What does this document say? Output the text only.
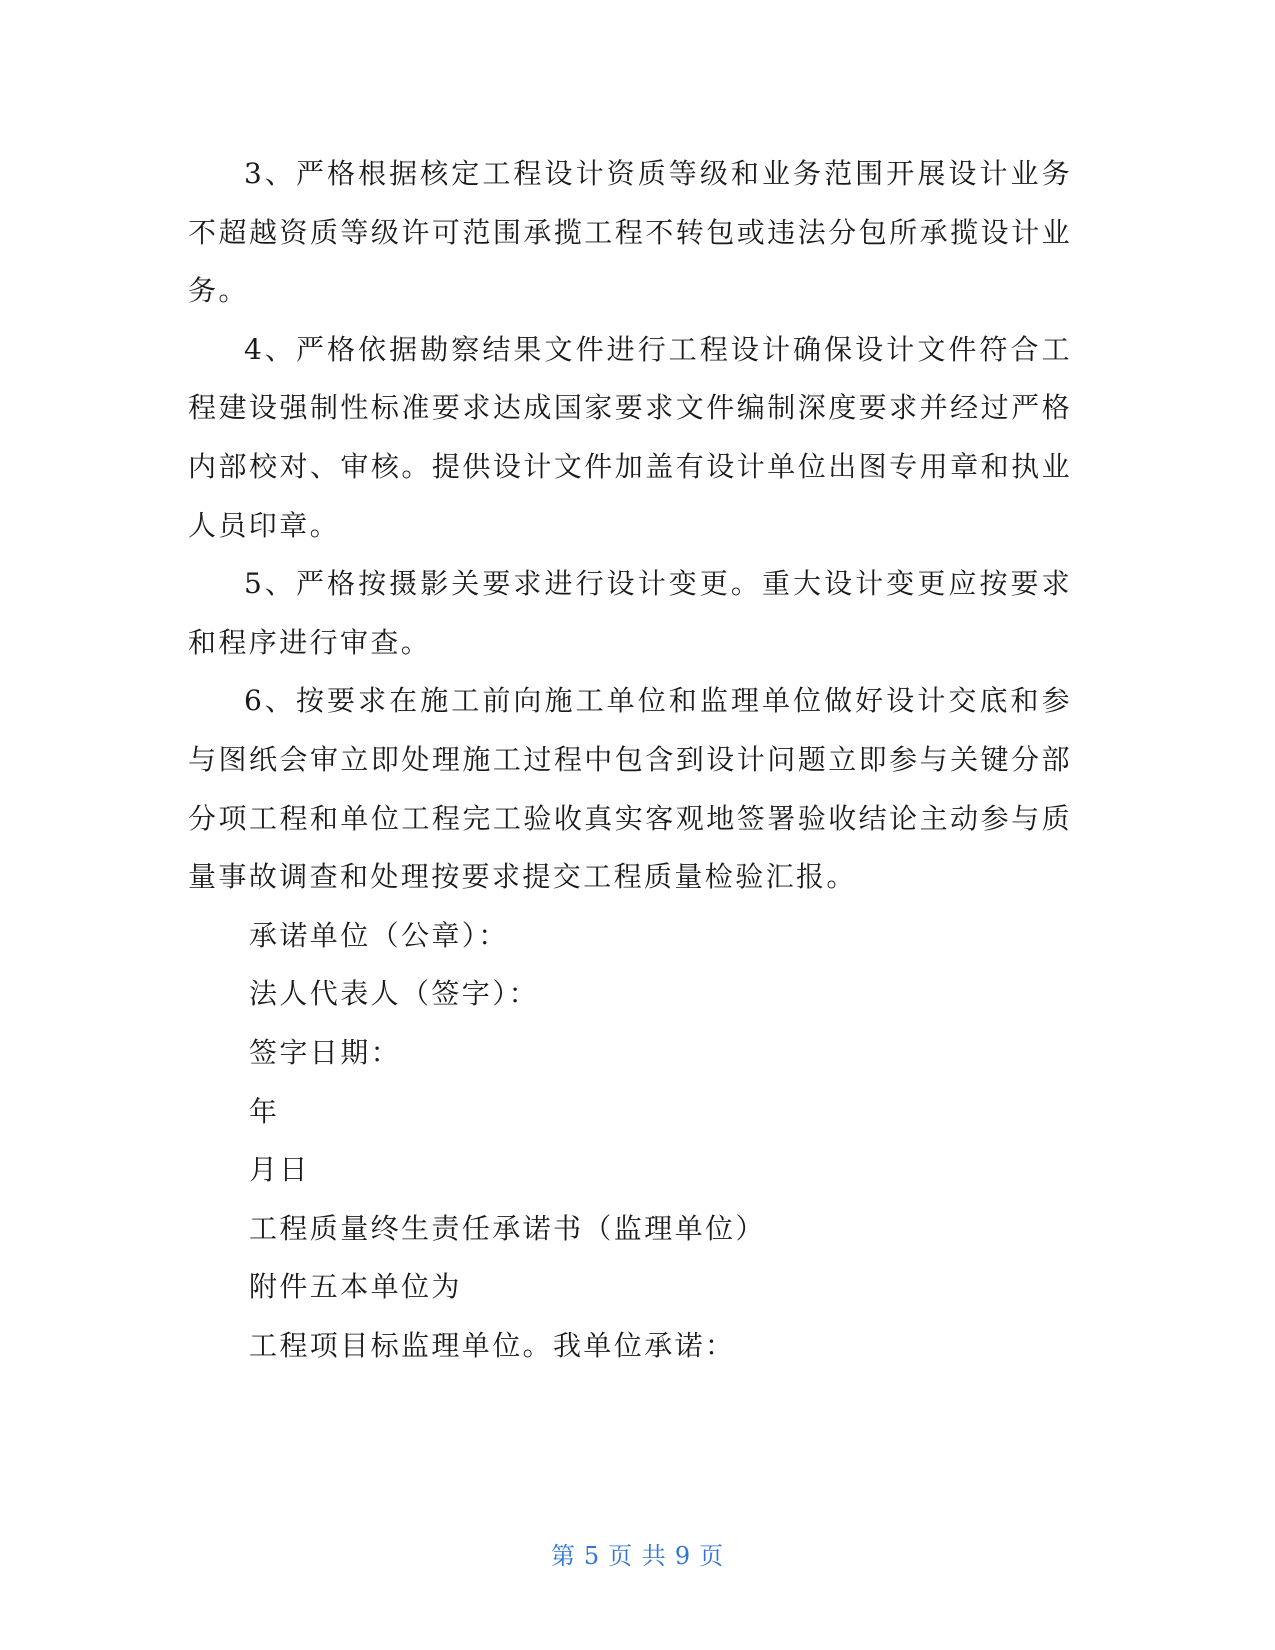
3、严格根据核定工程设计资质等级和业务范围开展设计业务不超越资质等级许可范围承揽工程不转包或违法分包所承揽设计业务。

4、严格依据勘察结果文件进行工程设计确保设计文件符合工程建设强制性标准要求达成国家要求文件编制深度要求并经过严格内部校对、审核。提供设计文件加盖有设计单位出图专用章和执业人员印章。

5、严格按摄影关要求进行设计变更。重大设计变更应按要求和程序进行审查。

6、按要求在施工前向施工单位和监理单位做好设计交底和参与图纸会审立即处理施工过程中包含到设计问题立即参与关键分部分项工程和单位工程完工验收真实客观地签署验收结论主动参与质量事故调查和处理按要求提交工程质量检验汇报。

承诺单位（公章）：

法人代表人（签字）：

签字日期：

年

月日

工程质量终生责任承诺书（监理单位）

附件五本单位为

工程项目标监理单位。我单位承诺：

第 5 页 共 9 页
